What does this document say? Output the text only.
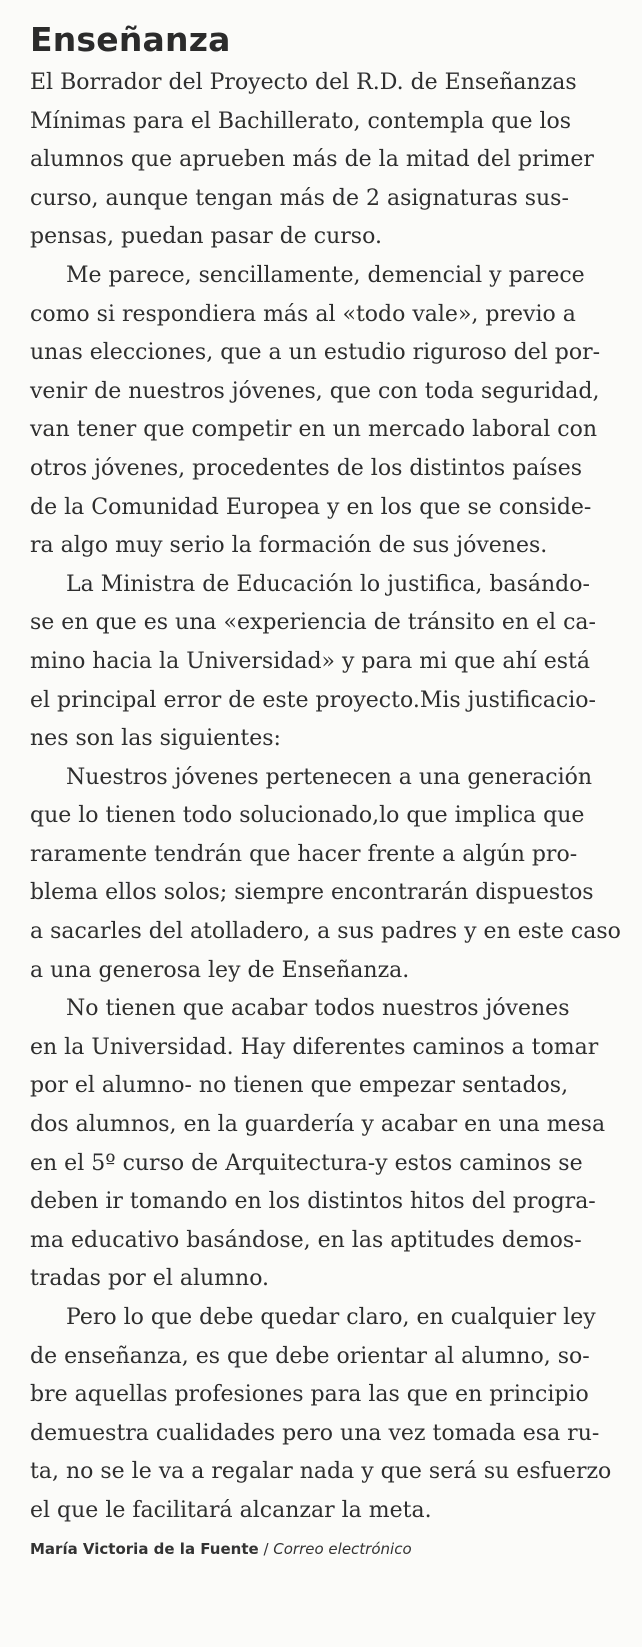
Enseñanza

El Borrador del Proyecto del R.D. de Enseñanzas
Mínimas para el Bachillerato, contempla que los
alumnos que aprueben más de la mitad del primer
curso, aunque tengan más de 2 asignaturas sus-
pensas, puedan pasar de curso.

Me parece, sencillamente, demencial y parece
como si respondiera más al «todo vale», previo a
unas elecciones, que a un estudio riguroso del por-
venir de nuestros jóvenes, que con toda seguridad,
van tener que competir en un mercado laboral con
otros jóvenes, procedentes de los distintos países
de la Comunidad Europea y en los que se conside-
ra algo muy serio la formación de sus jóvenes.

La Ministra de Educación lo justifica, basándo-
se en que es una «experiencia de tránsito en el ca-
mino hacia la Universidad» y para mi que ahí está
el principal error de este proyecto.Mis justificacio-
nes son las siguientes:

Nuestros jóvenes pertenecen a una generación
que lo tienen todo solucionado,lo que implica que
raramente tendrán que hacer frente a algún pro-
blema ellos solos; siempre encontrarán dispuestos
a sacarles del atolladero, a sus padres y en este caso
a una generosa ley de Enseñanza.

No tienen que acabar todos nuestros jóvenes
en la Universidad. Hay diferentes caminos a tomar
por el alumno- no tienen que empezar sentados,
dos alumnos, en la guardería y acabar en una mesa
en el 5º curso de Arquitectura-y estos caminos se
deben ir tomando en los distintos hitos del progra-
ma educativo basándose, en las aptitudes demos-
tradas por el alumno.

Pero lo que debe quedar claro, en cualquier ley
de enseñanza, es que debe orientar al alumno, so-
bre aquellas profesiones para las que en principio
demuestra cualidades pero una vez tomada esa ru-
ta, no se le va a regalar nada y que será su esfuerzo
el que le facilitará alcanzar la meta.

María Victoria de la Fuente / Correo electrónico
